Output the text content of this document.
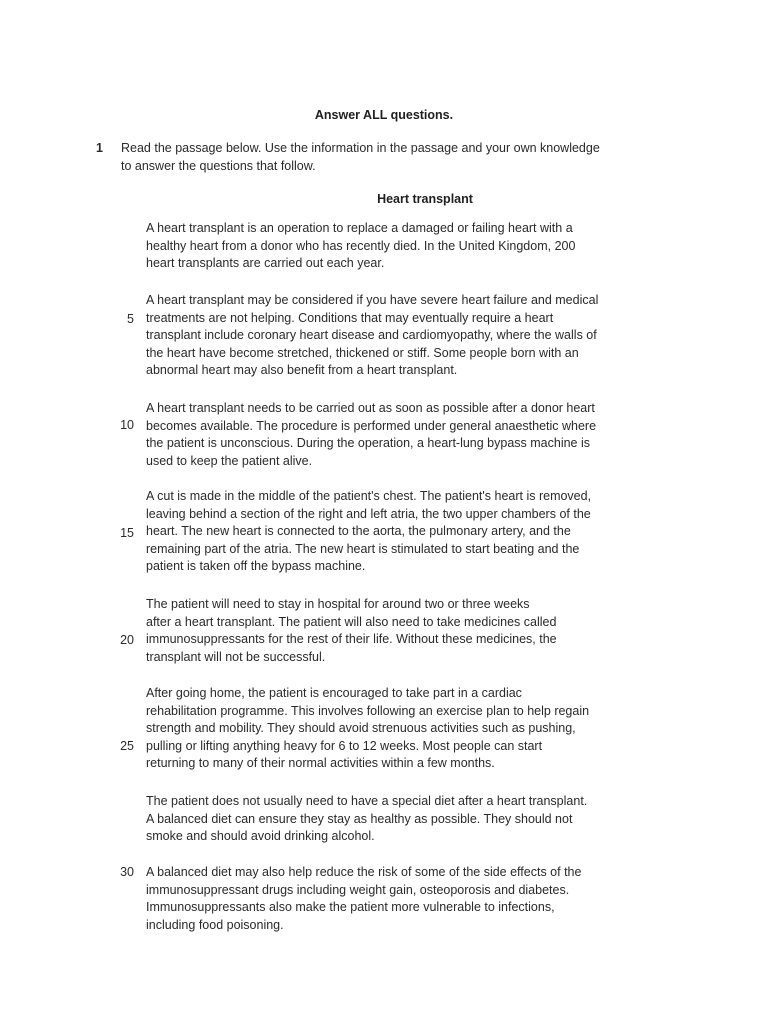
Answer ALL questions.
1 Read the passage below. Use the information in the passage and your own knowledge
to answer the questions that follow.
Heart transplant
A heart transplant is an operation to replace a damaged or failing heart with a
healthy heart from a donor who has recently died. In the United Kingdom, 200
heart transplants are carried out each year.
A heart transplant may be considered if you have severe heart failure and medical
treatments are not helping. Conditions that may eventually require a heart
transplant include coronary heart disease and cardiomyopathy, where the walls of
the heart have become stretched, thickened or stiff. Some people born with an
abnormal heart may also benefit from a heart transplant.
5
A heart transplant needs to be carried out as soon as possible after a donor heart
becomes available. The procedure is performed under general anaesthetic where
the patient is unconscious. During the operation, a heart-lung bypass machine is
used to keep the patient alive.
10
A cut is made in the middle of the patient's chest. The patient's heart is removed,
leaving behind a section of the right and left atria, the two upper chambers of the
heart. The new heart is connected to the aorta, the pulmonary artery, and the
remaining part of the atria. The new heart is stimulated to start beating and the
patient is taken off the bypass machine.
15
The patient will need to stay in hospital for around two or three weeks
after a heart transplant. The patient will also need to take medicines called
immunosuppressants for the rest of their life. Without these medicines, the
transplant will not be successful.
20
After going home, the patient is encouraged to take part in a cardiac
rehabilitation programme. This involves following an exercise plan to help regain
strength and mobility. They should avoid strenuous activities such as pushing,
pulling or lifting anything heavy for 6 to 12 weeks. Most people can start
returning to many of their normal activities within a few months.
25
The patient does not usually need to have a special diet after a heart transplant.
A balanced diet can ensure they stay as healthy as possible. They should not
smoke and should avoid drinking alcohol.
A balanced diet may also help reduce the risk of some of the side effects of the
immunosuppressant drugs including weight gain, osteoporosis and diabetes.
Immunosuppressants also make the patient more vulnerable to infections,
including food poisoning.
30
